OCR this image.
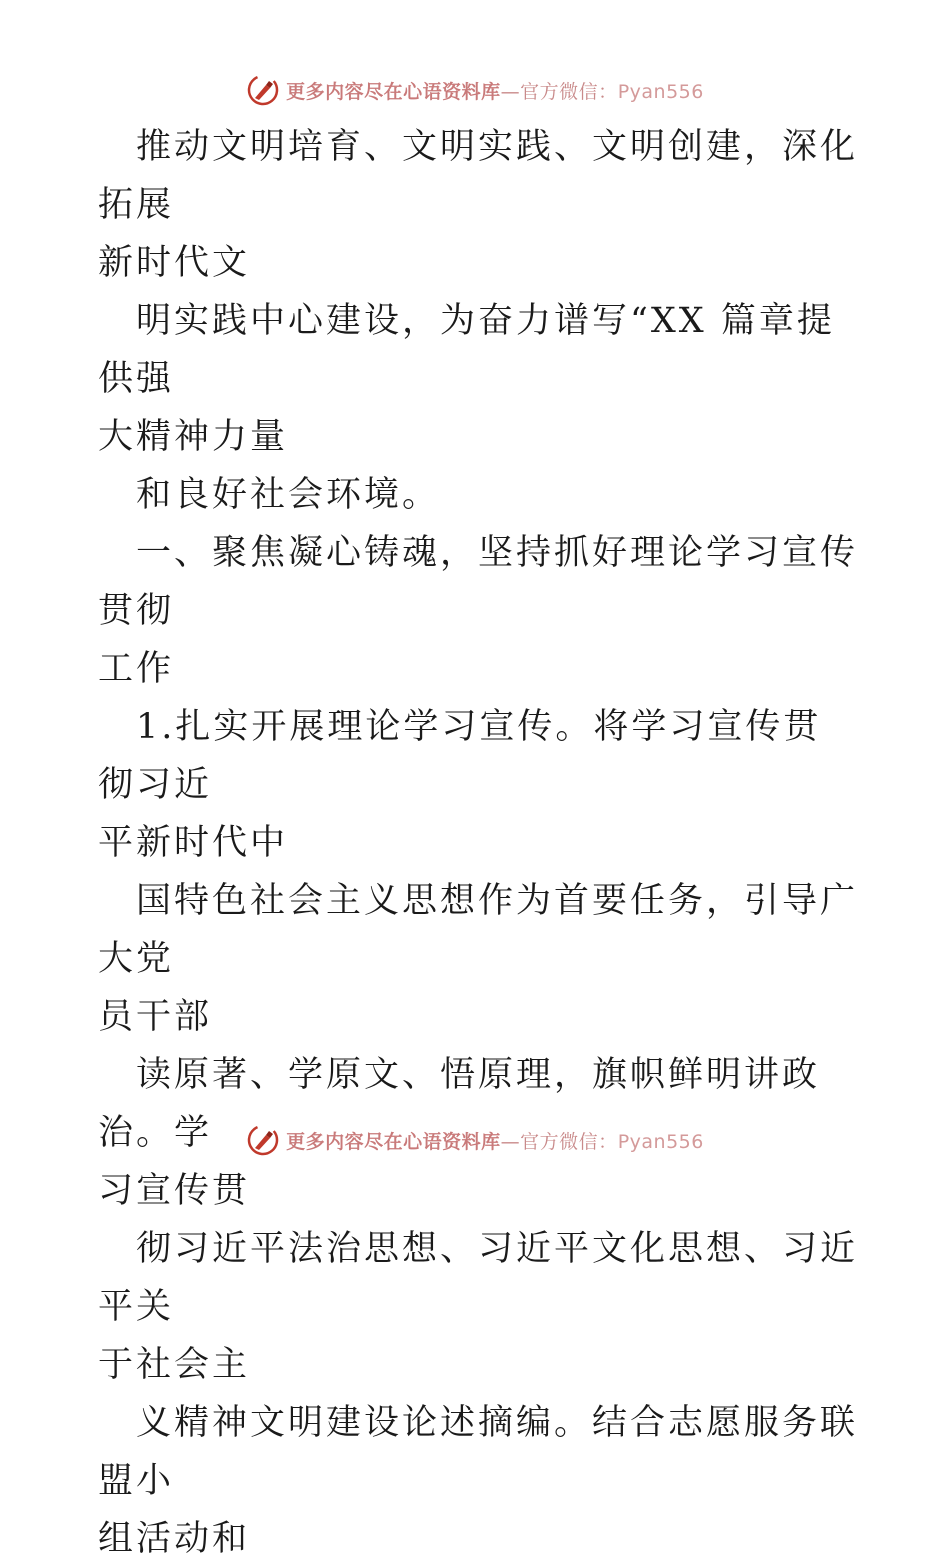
更多内容尽在心语资料库—官方微信：Pyan556

推动文明培育、文明实践、文明创建，深化拓展
新时代文

明实践中心建设，为奋力谱写“XX 篇章提供强
大精神力量

和良好社会环境。

一、聚焦凝心铸魂，坚持抓好理论学习宣传贯彻
工作

1.扎实开展理论学习宣传。将学习宣传贯彻习近
平新时代中

国特色社会主义思想作为首要任务，引导广大党
员干部

读原著、学原文、悟原理，旗帜鲜明讲政治。学
习宣传贯

彻习近平法治思想、习近平文化思想、习近平关
于社会主

义精神文明建设论述摘编。结合志愿服务联盟小
组活动和

更多内容尽在心语资料库—官方微信：Pyan556
